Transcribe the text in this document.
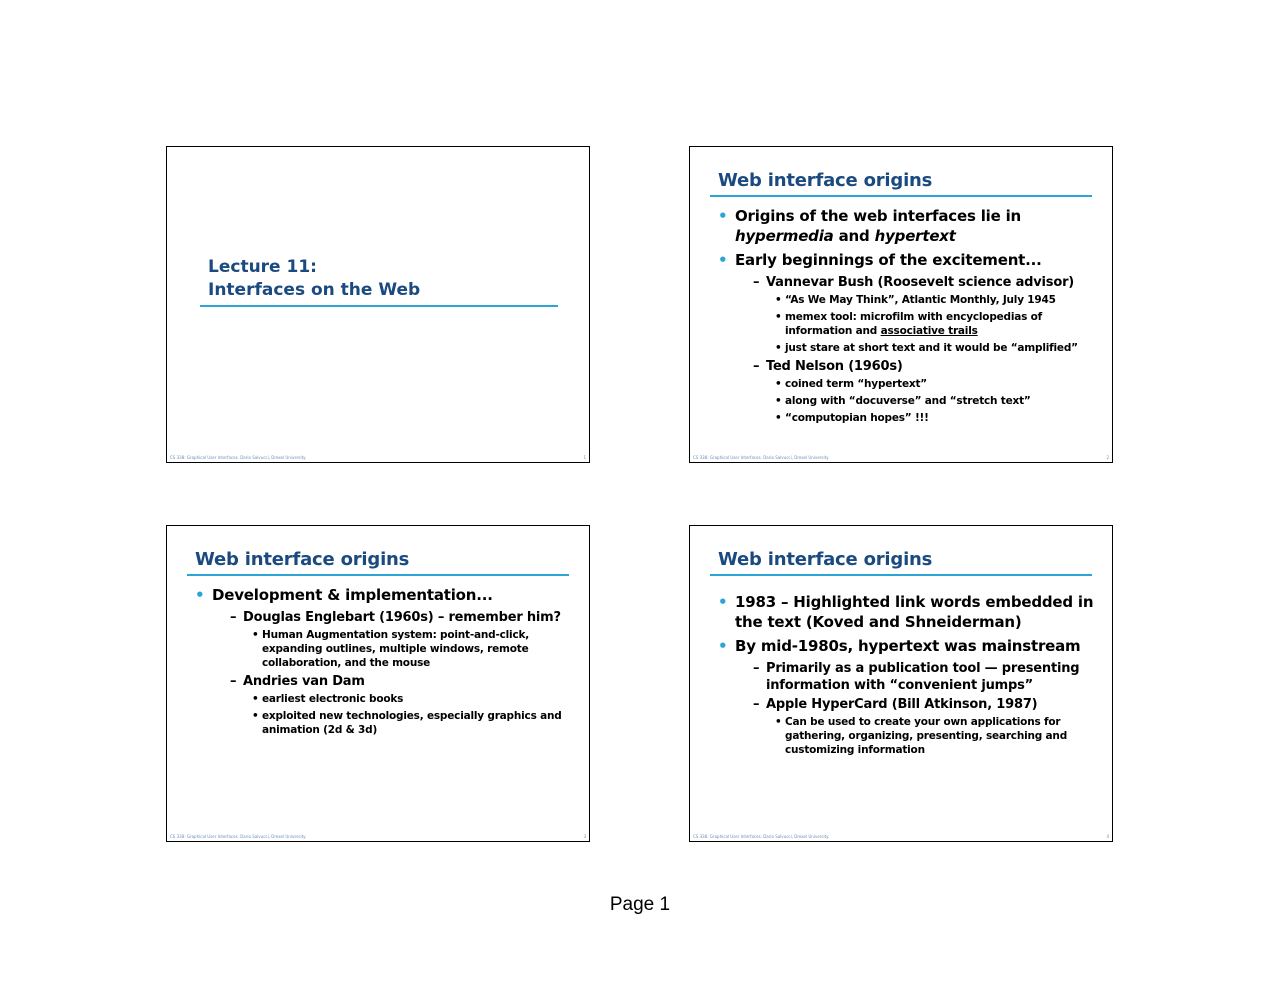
Lecture 11:
Interfaces on the Web
CS 338: Graphical User Interfaces. Dario Salvucci, Drexel University.	1
Web interface origins
• Origins of the web interfaces lie in hypermedia and hypertext
• Early beginnings of the excitement...
– Vannevar Bush (Roosevelt science advisor)
• “As We May Think”, Atlantic Monthly, July 1945
• memex tool: microfilm with encyclopedias of information and associative trails
• just stare at short text and it would be “amplified”
– Ted Nelson (1960s)
• coined term “hypertext”
• along with “docuverse” and “stretch text”
• “computopian hopes” !!!
CS 338: Graphical User Interfaces. Dario Salvucci, Drexel University.	2
Web interface origins
• Development & implementation...
– Douglas Englebart (1960s) – remember him?
• Human Augmentation system: point-and-click, expanding outlines, multiple windows, remote collaboration, and the mouse
– Andries van Dam
• earliest electronic books
• exploited new technologies, especially graphics and animation (2d & 3d)
CS 338: Graphical User Interfaces. Dario Salvucci, Drexel University.	3
Web interface origins
• 1983 – Highlighted link words embedded in the text (Koved and Shneiderman)
• By mid-1980s, hypertext was mainstream
– Primarily as a publication tool — presenting information with “convenient jumps”
– Apple HyperCard (Bill Atkinson, 1987)
• Can be used to create your own applications for gathering, organizing, presenting, searching and customizing information
CS 338: Graphical User Interfaces. Dario Salvucci, Drexel University.	4
Page 1
